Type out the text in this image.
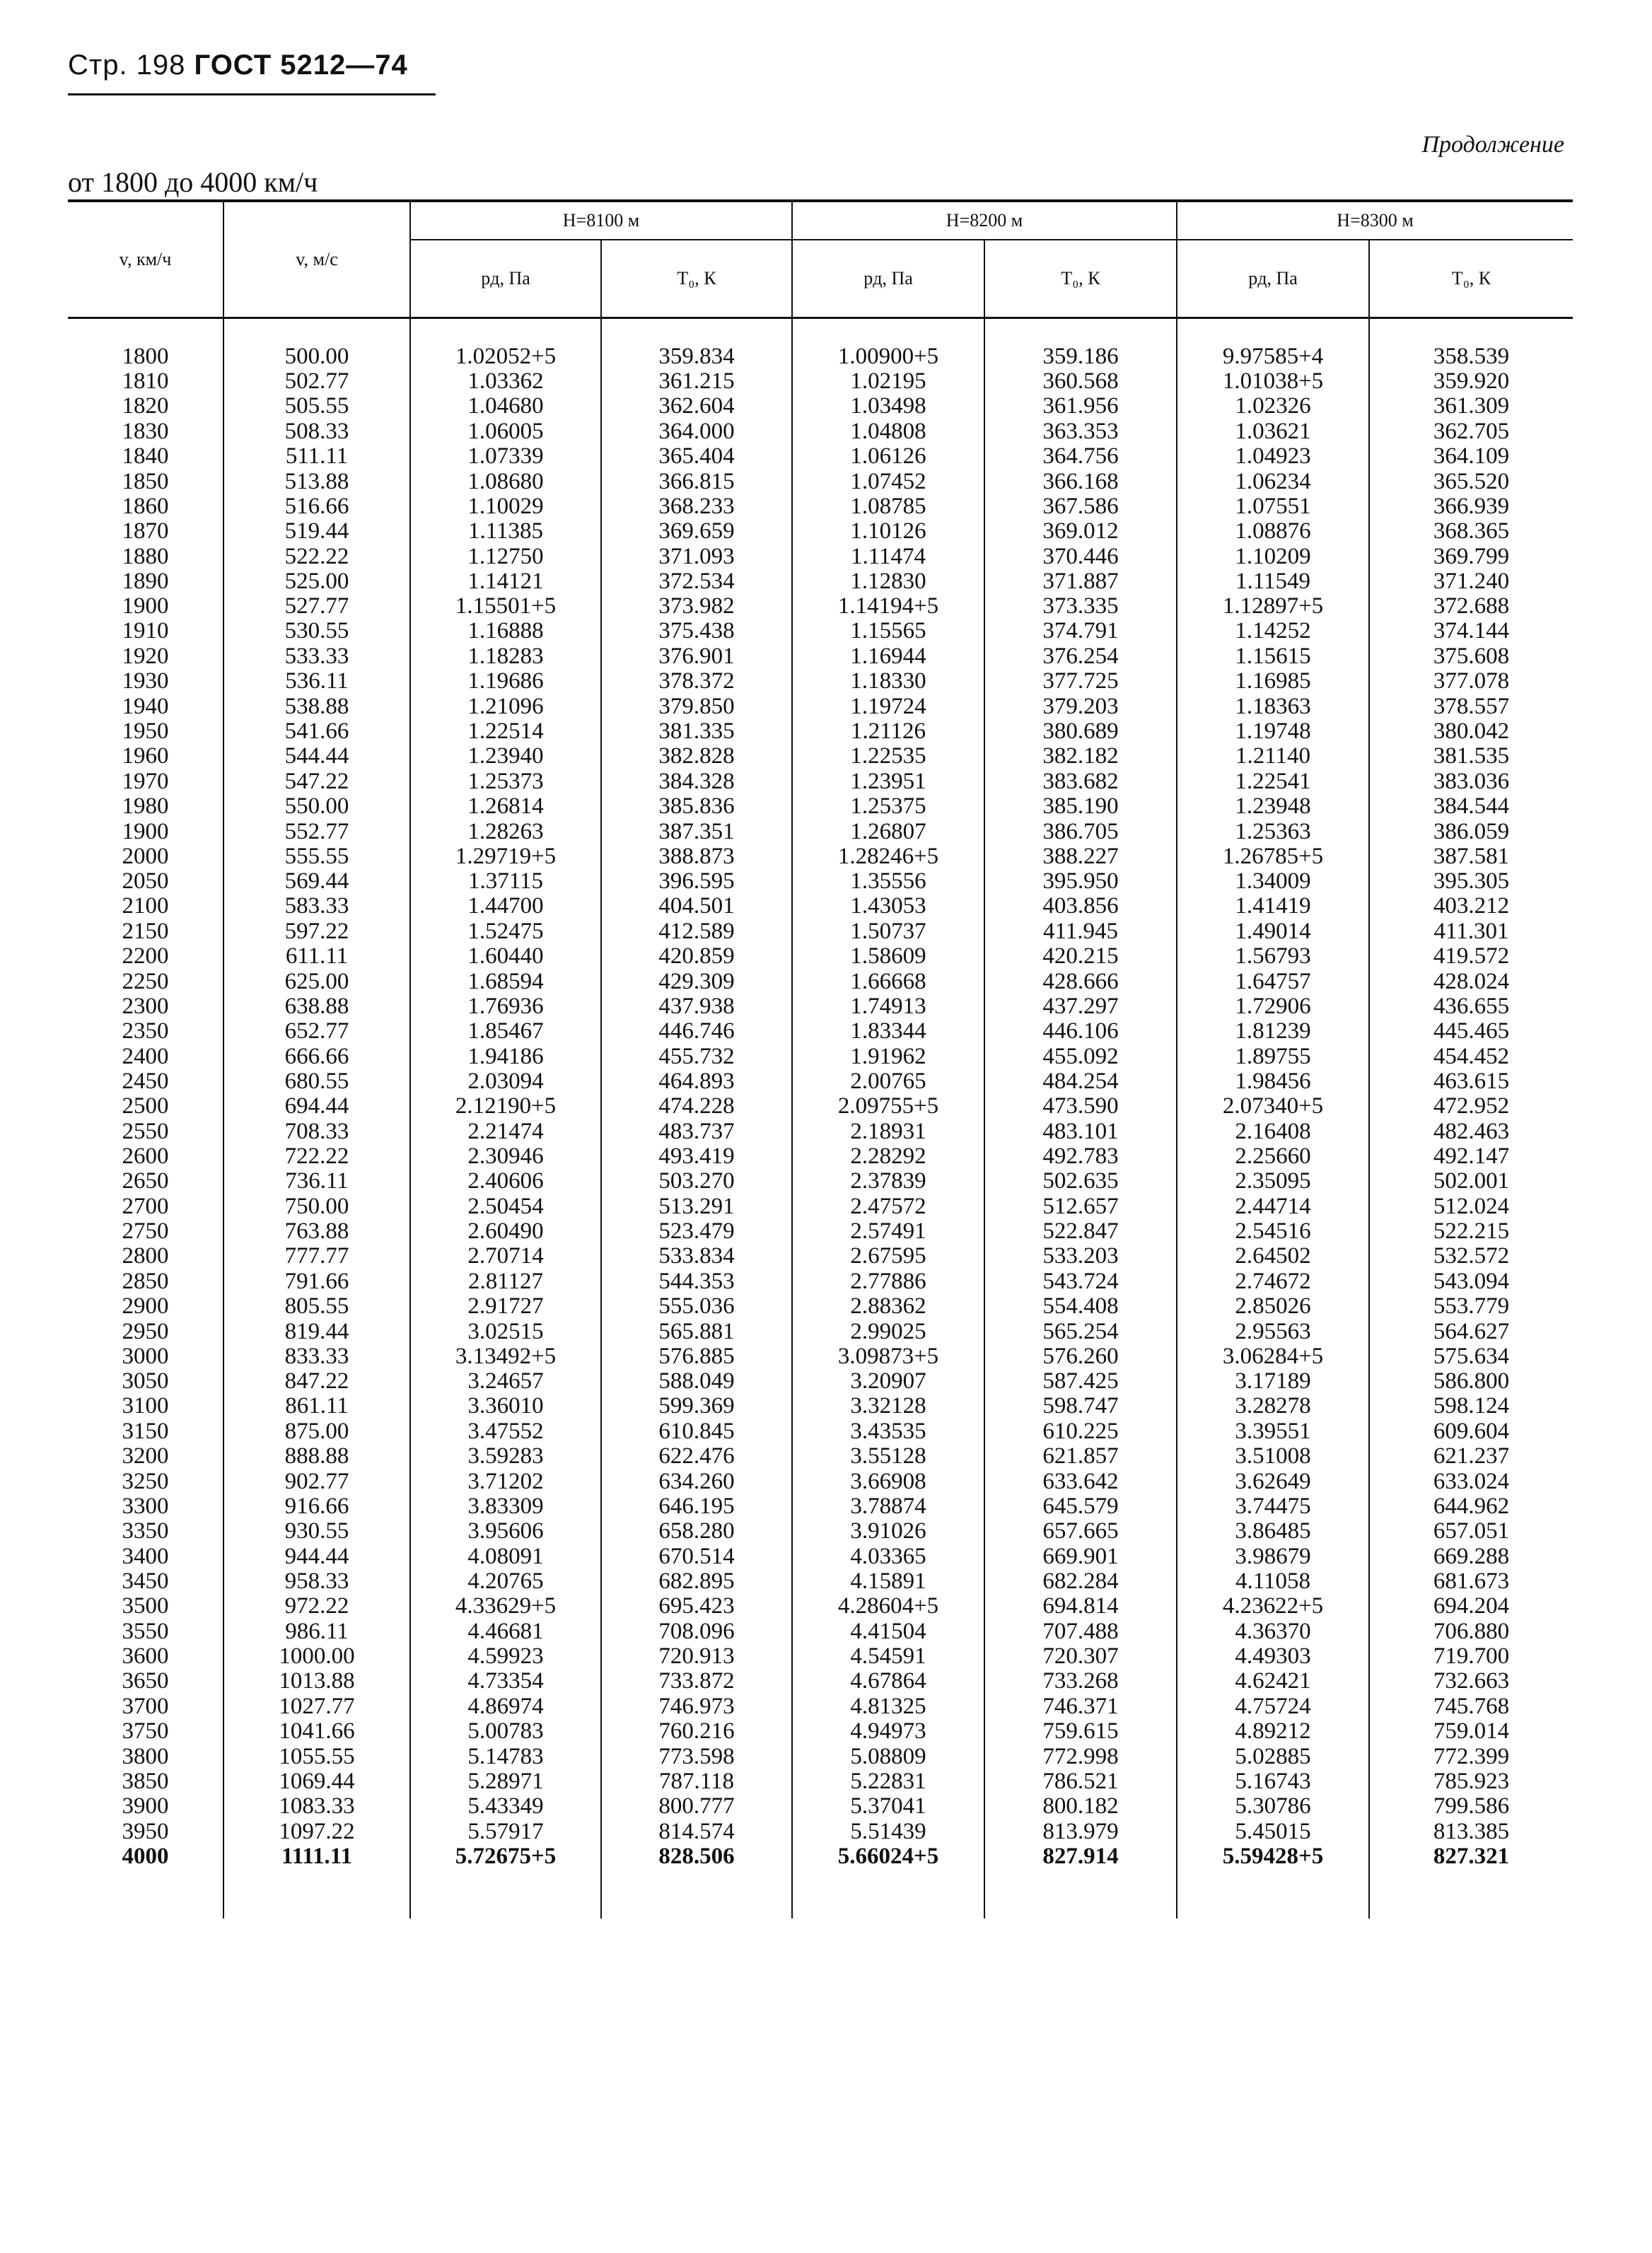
Стр. 198 ГОСТ 5212—74
Продолжение
от 1800 до 4000 км/ч
v, км/ч	v, м/с	H=8100 м		H=8200 м		H=8300 м	
		pд, Па	T₀, К	pд, Па	T₀, К	pд, Па	T₀, К

1800	500.00	1.02052+5	359.834	1.00900+5	359.186	9.97585+4	358.539
1810	502.77	1.03362	361.215	1.02195	360.568	1.01038+5	359.920
1820	505.55	1.04680	362.604	1.03498	361.956	1.02326	361.309
1830	508.33	1.06005	364.000	1.04808	363.353	1.03621	362.705
1840	511.11	1.07339	365.404	1.06126	364.756	1.04923	364.109
1850	513.88	1.08680	366.815	1.07452	366.168	1.06234	365.520
1860	516.66	1.10029	368.233	1.08785	367.586	1.07551	366.939
1870	519.44	1.11385	369.659	1.10126	369.012	1.08876	368.365
1880	522.22	1.12750	371.093	1.11474	370.446	1.10209	369.799
1890	525.00	1.14121	372.534	1.12830	371.887	1.11549	371.240
1900	527.77	1.15501+5	373.982	1.14194+5	373.335	1.12897+5	372.688
1910	530.55	1.16888	375.438	1.15565	374.791	1.14252	374.144
1920	533.33	1.18283	376.901	1.16944	376.254	1.15615	375.608
1930	536.11	1.19686	378.372	1.18330	377.725	1.16985	377.078
1940	538.88	1.21096	379.850	1.19724	379.203	1.18363	378.557
1950	541.66	1.22514	381.335	1.21126	380.689	1.19748	380.042
1960	544.44	1.23940	382.828	1.22535	382.182	1.21140	381.535
1970	547.22	1.25373	384.328	1.23951	383.682	1.22541	383.036
1980	550.00	1.26814	385.836	1.25375	385.190	1.23948	384.544
1900	552.77	1.28263	387.351	1.26807	386.705	1.25363	386.059
2000	555.55	1.29719+5	388.873	1.28246+5	388.227	1.26785+5	387.581
2050	569.44	1.37115	396.595	1.35556	395.950	1.34009	395.305
2100	583.33	1.44700	404.501	1.43053	403.856	1.41419	403.212
2150	597.22	1.52475	412.589	1.50737	411.945	1.49014	411.301
2200	611.11	1.60440	420.859	1.58609	420.215	1.56793	419.572
2250	625.00	1.68594	429.309	1.66668	428.666	1.64757	428.024
2300	638.88	1.76936	437.938	1.74913	437.297	1.72906	436.655
2350	652.77	1.85467	446.746	1.83344	446.106	1.81239	445.465
2400	666.66	1.94186	455.732	1.91962	455.092	1.89755	454.452
2450	680.55	2.03094	464.893	2.00765	484.254	1.98456	463.615
2500	694.44	2.12190+5	474.228	2.09755+5	473.590	2.07340+5	472.952
2550	708.33	2.21474	483.737	2.18931	483.101	2.16408	482.463
2600	722.22	2.30946	493.419	2.28292	492.783	2.25660	492.147
2650	736.11	2.40606	503.270	2.37839	502.635	2.35095	502.001
2700	750.00	2.50454	513.291	2.47572	512.657	2.44714	512.024
2750	763.88	2.60490	523.479	2.57491	522.847	2.54516	522.215
2800	777.77	2.70714	533.834	2.67595	533.203	2.64502	532.572
2850	791.66	2.81127	544.353	2.77886	543.724	2.74672	543.094
2900	805.55	2.91727	555.036	2.88362	554.408	2.85026	553.779
2950	819.44	3.02515	565.881	2.99025	565.254	2.95563	564.627
3000	833.33	3.13492+5	576.885	3.09873+5	576.260	3.06284+5	575.634
3050	847.22	3.24657	588.049	3.20907	587.425	3.17189	586.800
3100	861.11	3.36010	599.369	3.32128	598.747	3.28278	598.124
3150	875.00	3.47552	610.845	3.43535	610.225	3.39551	609.604
3200	888.88	3.59283	622.476	3.55128	621.857	3.51008	621.237
3250	902.77	3.71202	634.260	3.66908	633.642	3.62649	633.024
3300	916.66	3.83309	646.195	3.78874	645.579	3.74475	644.962
3350	930.55	3.95606	658.280	3.91026	657.665	3.86485	657.051
3400	944.44	4.08091	670.514	4.03365	669.901	3.98679	669.288
3450	958.33	4.20765	682.895	4.15891	682.284	4.11058	681.673
3500	972.22	4.33629+5	695.423	4.28604+5	694.814	4.23622+5	694.204
3550	986.11	4.46681	708.096	4.41504	707.488	4.36370	706.880
3600	1000.00	4.59923	720.913	4.54591	720.307	4.49303	719.700
3650	1013.88	4.73354	733.872	4.67864	733.268	4.62421	732.663
3700	1027.77	4.86974	746.973	4.81325	746.371	4.75724	745.768
3750	1041.66	5.00783	760.216	4.94973	759.615	4.89212	759.014
3800	1055.55	5.14783	773.598	5.08809	772.998	5.02885	772.399
3850	1069.44	5.28971	787.118	5.22831	786.521	5.16743	785.923
3900	1083.33	5.43349	800.777	5.37041	800.182	5.30786	799.586
3950	1097.22	5.57917	814.574	5.51439	813.979	5.45015	813.385
4000	1111.11	5.72675+5	828.506	5.66024+5	827.914	5.59428+5	827.321
